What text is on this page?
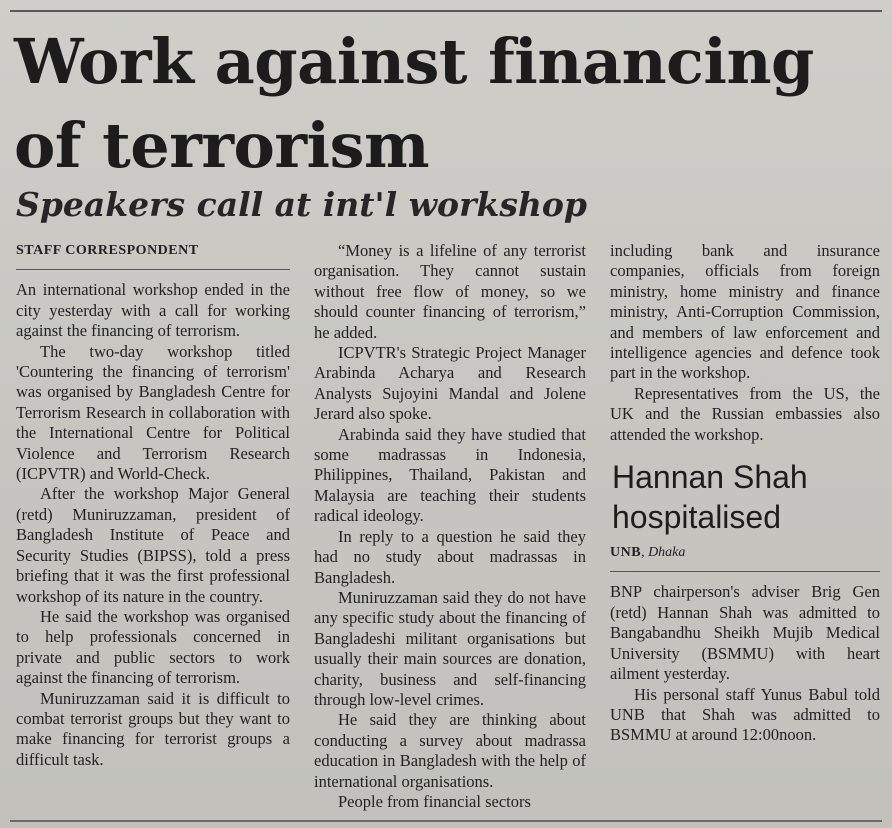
Work against financing of terrorism
Speakers call at int'l workshop

STAFF CORRESPONDENT

An international workshop ended in the city yesterday with a call for working against the financing of terrorism.

The two-day workshop titled 'Countering the financing of terrorism' was organised by Bangladesh Centre for Terrorism Research in collaboration with the International Centre for Political Violence and Terrorism Research (ICPVTR) and World-Check.

After the workshop Major General (retd) Muniruzzaman, president of Bangladesh Institute of Peace and Security Studies (BIPSS), told a press briefing that it was the first professional workshop of its nature in the country.

He said the workshop was organised to help professionals concerned in private and public sectors to work against the financing of terrorism.

Muniruzzaman said it is difficult to combat terrorist groups but they want to make financing for terrorist groups a difficult task.

“Money is a lifeline of any terrorist organisation. They cannot sustain without free flow of money, so we should counter financing of terrorism,” he added.

ICPVTR's Strategic Project Manager Arabinda Acharya and Research Analysts Sujoyini Mandal and Jolene Jerard also spoke.

Arabinda said they have studied that some madrassas in Indonesia, Philippines, Thailand, Pakistan and Malaysia are teaching their students radical ideology.

In reply to a question he said they had no study about madrassas in Bangladesh.

Muniruzzaman said they do not have any specific study about the financing of Bangladeshi militant organisations but usually their main sources are donation, charity, business and self-financing through low-level crimes.

He said they are thinking about conducting a survey about madrassa education in Bangladesh with the help of international organisations.

People from financial sectors

including bank and insurance companies, officials from foreign ministry, home ministry and finance ministry, Anti-Corruption Commission, and members of law enforcement and intelligence agencies and defence took part in the workshop.

Representatives from the US, the UK and the Russian embassies also attended the workshop.

Hannan Shah hospitalised

UNB, Dhaka

BNP chairperson's adviser Brig Gen (retd) Hannan Shah was admitted to Bangabandhu Sheikh Mujib Medical University (BSMMU) with heart ailment yesterday.

His personal staff Yunus Babul told UNB that Shah was admitted to BSMMU at around 12:00noon.
